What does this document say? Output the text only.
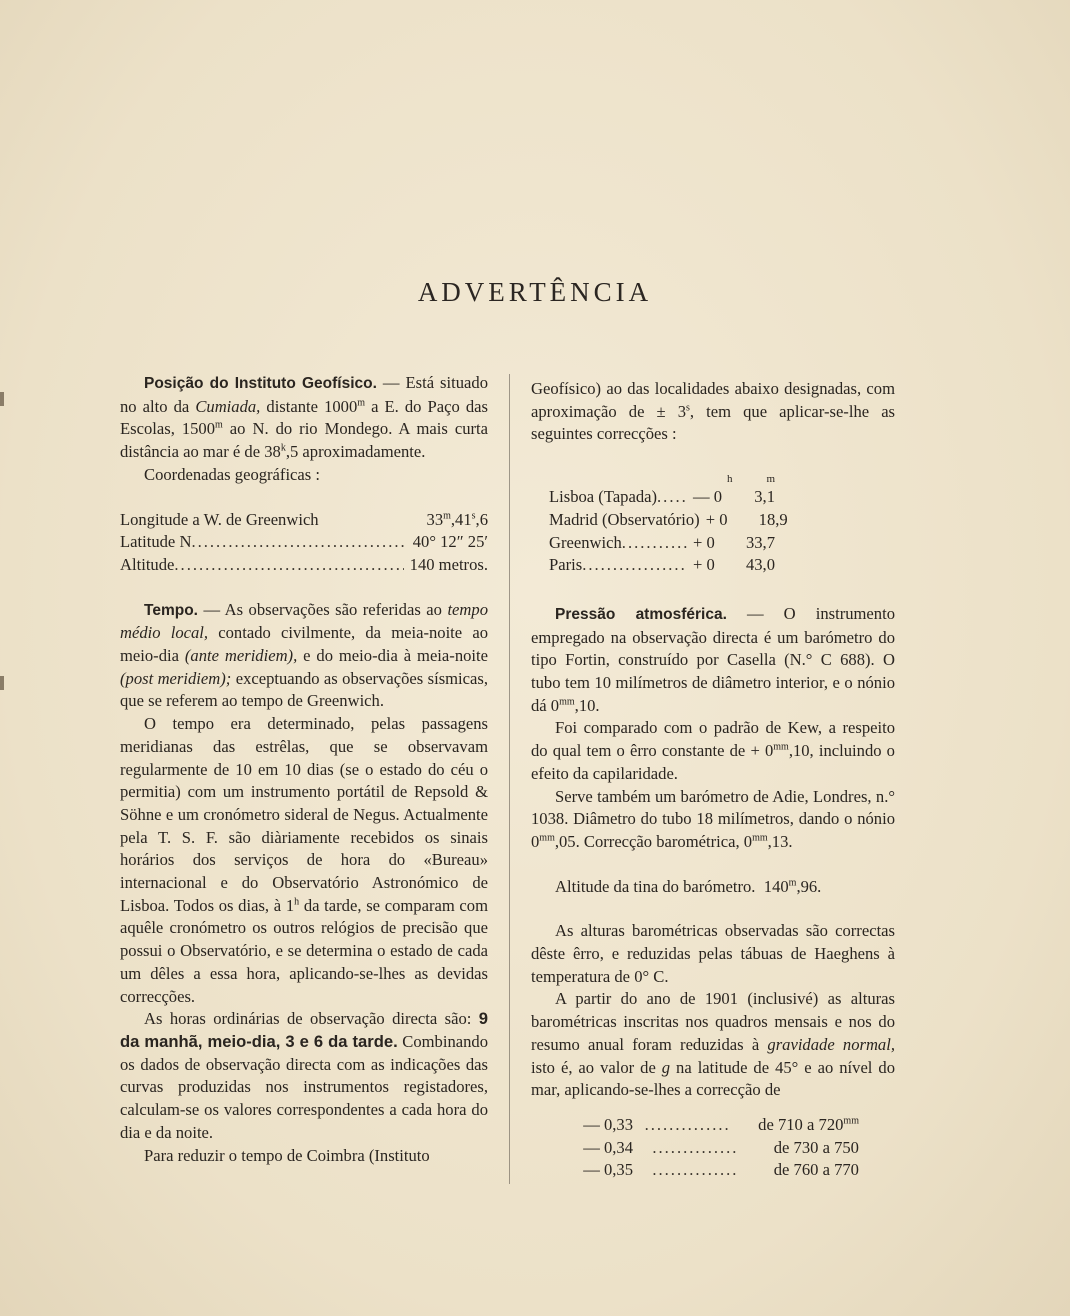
ADVERTÊNCIA

Posição do Instituto Geofísico. — Está situado no alto da Cumiada, distante 1000$^m$ a E. do Paço das Escolas, 1500$^m$ ao N. do rio Mondego. A mais curta distância ao mar é de 38$^k$,5 aproximadamente.

Coordenadas geográficas :

Longitude a W. de Greenwich	33$^m$,41$^s$,6
Latitude N .....	40° 12″ 25′
Altitude .....	140 metros.

Tempo. — As observações são referidas ao tempo médio local, contado civilmente, da meia-noite ao meio-dia (ante meridiem), e do meio-dia à meia-noite (post meridiem); exceptuando as observações sísmicas, que se referem ao tempo de Greenwich.

O tempo era determinado, pelas passagens meridianas das estrêlas, que se observavam regularmente de 10 em 10 dias (se o estado do céu o permitia) com um instrumento portátil de Repsold & Söhne e um cronómetro sideral de Negus. Actualmente pela T. S. F. são diàriamente recebidos os sinais horários dos serviços de hora do «Bureau» internacional e do Observatório Astronómico de Lisboa. Todos os dias, à 1$^h$ da tarde, se comparam com aquêle cronómetro os outros relógios de precisão que possui o Observatório, e se determina o estado de cada um dêles a essa hora, aplicando-se-lhes as devidas correcções.

As horas ordinárias de observação directa são: 9 da manhã, meio-dia, 3 e 6 da tarde. Combinando os dados de observação directa com as indicações das curvas produzidas nos instrumentos registadores, calculam-se os valores correspondentes a cada hora do dia e da noite.

Para reduzir o tempo de Coimbra (Instituto

Geofísico) ao das localidades abaixo designadas, com aproximação de ± $3^s$, tem que aplicar-se-lhe as seguintes correcções :

h	m
Lisboa (Tapada) ..... — 0 3,1
Madrid (Observatório) + 0 18,9
Greenwich .....	+ 0 33,7
Paris .....	+ 0 43,0

Pressão atmosférica. — O instrumento empregado na observação directa é um barómetro do tipo Fortin, construído por Casella (N.° C 688). O tubo tem 10 milímetros de diâmetro interior, e o nónio dá $0^{mm},10$.

Foi comparado com o padrão de Kew, a respeito do qual tem o êrro constante de + $0^{mm},10$, incluindo o efeito da capilaridade.

Serve também um barómetro de Adie, Londres, n.° 1038. Diâmetro do tubo 18 milímetros, dando o nónio $0^{mm},05$. Correcção barométrica, $0^{mm},13$.

Altitude da tina do barómetro. 140$^m$,96.

As alturas barométricas observadas são correctas dêste êrro, e reduzidas pelas tábuas de Haeghens à temperatura de 0° C.

A partir do ano de 1901 (inclusivé) as alturas barométricas inscritas nos quadros mensais e nos do resumo anual foram reduzidas à gravidade normal, isto é, ao valor de g na latitude de 45° e ao nível do mar, aplicando-se-lhes a correcção de

— 0,33 .....	de 710 a $720^{mm}$
— 0,34 .....	de 730 a 750
— 0,35 .....	de 760 a 770
